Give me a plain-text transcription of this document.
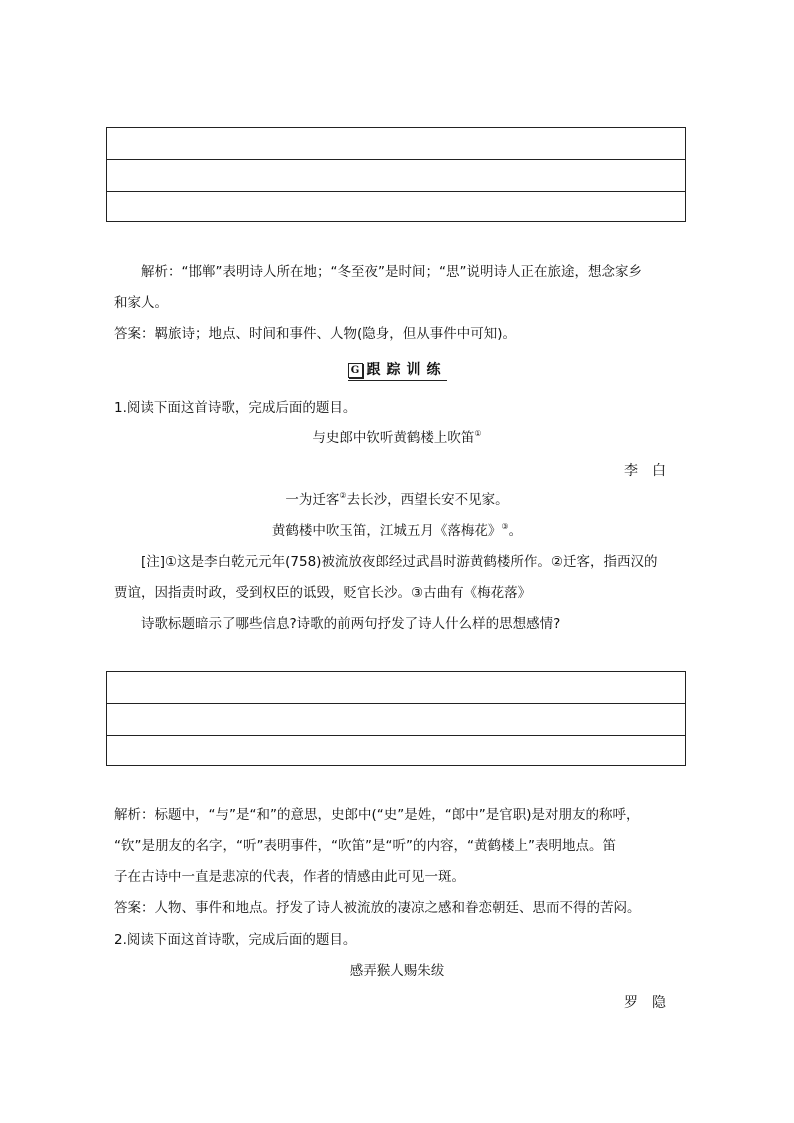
解析：“邯郸”表明诗人所在地；“冬至夜”是时间；“思”说明诗人正在旅途，想念家乡
和家人。
答案：羁旅诗；地点、时间和事件、人物(隐身，但从事件中可知)。
G 跟踪训练
1.阅读下面这首诗歌，完成后面的题目。
与史郎中钦听黄鹤楼上吹笛①
李白
一为迁客②去长沙，西望长安不见家。
黄鹤楼中吹玉笛，江城五月《落梅花》③。
[注]①这是李白乾元元年(758)被流放夜郎经过武昌时游黄鹤楼所作。②迁客，指西汉的
贾谊，因指责时政，受到权臣的诋毁，贬官长沙。③古曲有《梅花落》
诗歌标题暗示了哪些信息?诗歌的前两句抒发了诗人什么样的思想感情?
解析：标题中，“与”是“和”的意思，史郎中(“史”是姓，“郎中”是官职)是对朋友的称呼，
“钦”是朋友的名字，“听”表明事件，“吹笛”是“听”的内容，“黄鹤楼上”表明地点。笛
子在古诗中一直是悲凉的代表，作者的情感由此可见一斑。
答案：人物、事件和地点。抒发了诗人被流放的凄凉之感和眷恋朝廷、思而不得的苦闷。
2.阅读下面这首诗歌，完成后面的题目。
感弄猴人赐朱绂
罗隐
